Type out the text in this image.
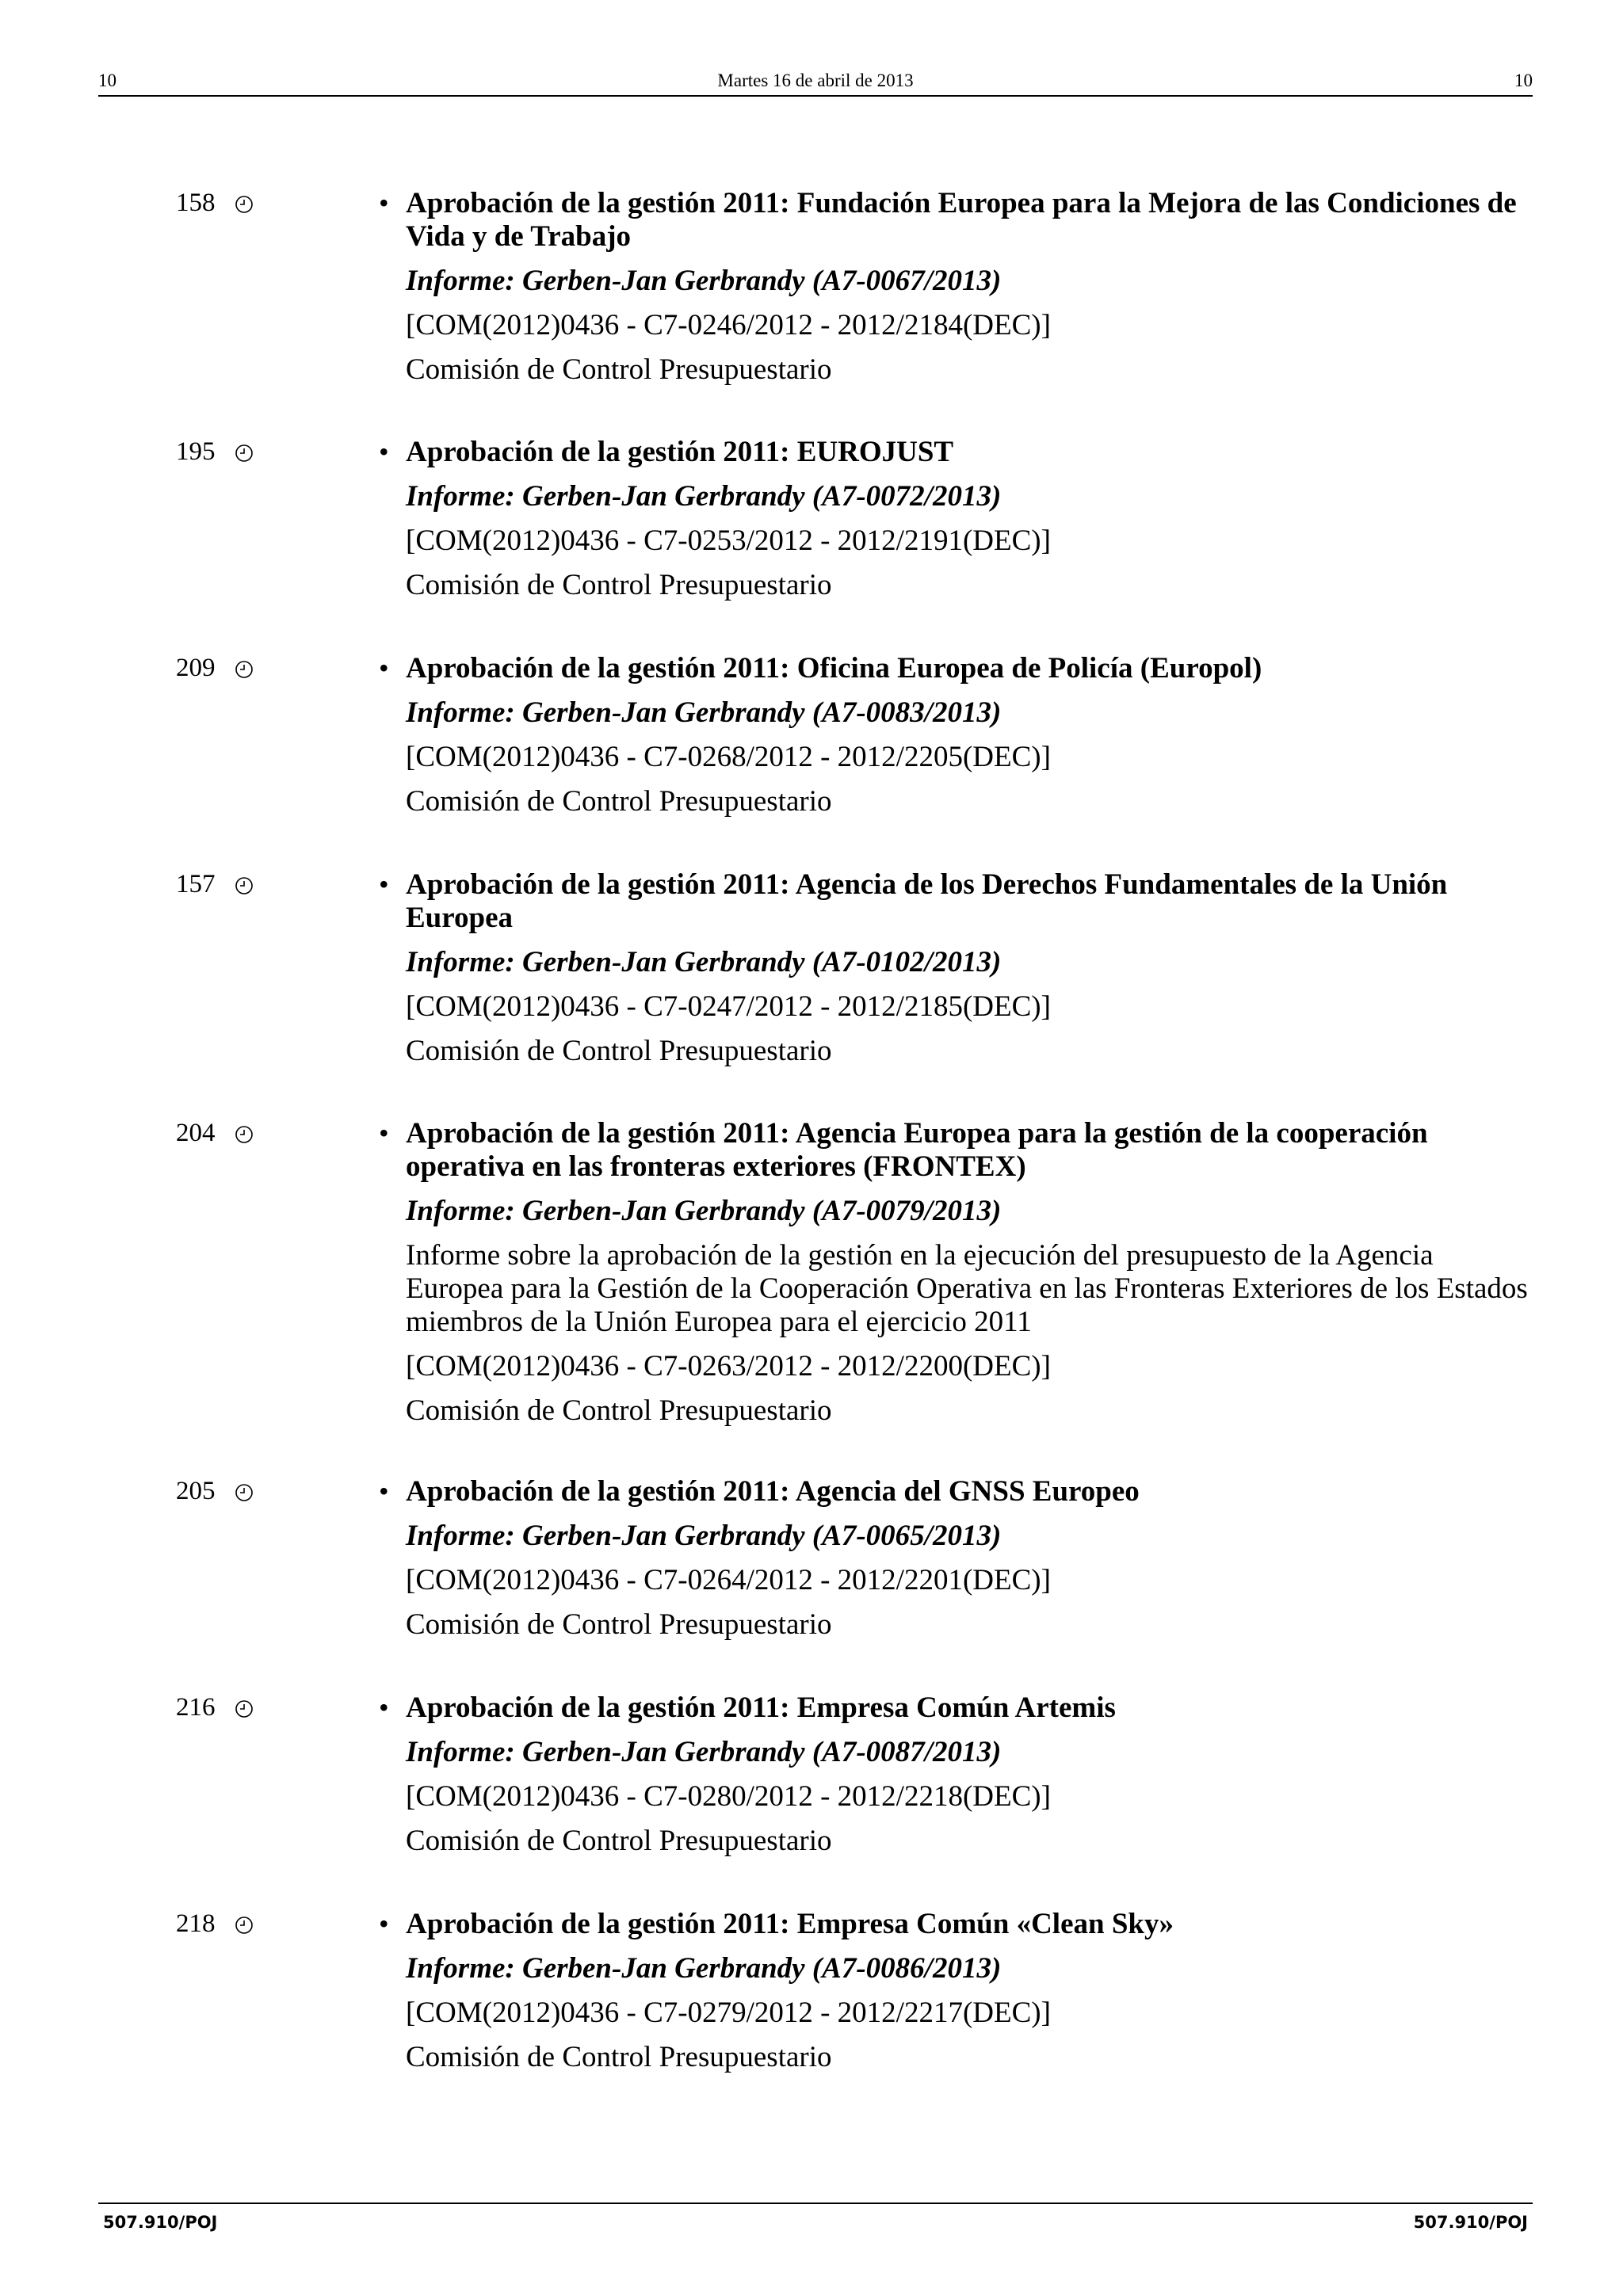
10	Martes 16 de abril de 2013	10
158	• Aprobación de la gestión 2011: Fundación Europea para la Mejora de las Condiciones de Vida y de Trabajo

Informe: Gerben-Jan Gerbrandy (A7-0067/2013)
[COM(2012)0436 - C7-0246/2012 - 2012/2184(DEC)]
Comisión de Control Presupuestario
195	• Aprobación de la gestión 2011: EUROJUST

Informe: Gerben-Jan Gerbrandy (A7-0072/2013)
[COM(2012)0436 - C7-0253/2012 - 2012/2191(DEC)]
Comisión de Control Presupuestario
209	• Aprobación de la gestión 2011: Oficina Europea de Policía (Europol)

Informe: Gerben-Jan Gerbrandy (A7-0083/2013)
[COM(2012)0436 - C7-0268/2012 - 2012/2205(DEC)]
Comisión de Control Presupuestario
157	• Aprobación de la gestión 2011: Agencia de los Derechos Fundamentales de la Unión Europea

Informe: Gerben-Jan Gerbrandy (A7-0102/2013)
[COM(2012)0436 - C7-0247/2012 - 2012/2185(DEC)]
Comisión de Control Presupuestario
204	• Aprobación de la gestión 2011: Agencia Europea para la gestión de la cooperación operativa en las fronteras exteriores (FRONTEX)

Informe: Gerben-Jan Gerbrandy (A7-0079/2013)
Informe sobre la aprobación de la gestión en la ejecución del presupuesto de la Agencia Europea para la Gestión de la Cooperación Operativa en las Fronteras Exteriores de los Estados miembros de la Unión Europea para el ejercicio 2011
[COM(2012)0436 - C7-0263/2012 - 2012/2200(DEC)]
Comisión de Control Presupuestario
205	• Aprobación de la gestión 2011: Agencia del GNSS Europeo

Informe: Gerben-Jan Gerbrandy (A7-0065/2013)
[COM(2012)0436 - C7-0264/2012 - 2012/2201(DEC)]
Comisión de Control Presupuestario
216	• Aprobación de la gestión 2011: Empresa Común Artemis

Informe: Gerben-Jan Gerbrandy (A7-0087/2013)
[COM(2012)0436 - C7-0280/2012 - 2012/2218(DEC)]
Comisión de Control Presupuestario
218	• Aprobación de la gestión 2011: Empresa Común «Clean Sky»

Informe: Gerben-Jan Gerbrandy (A7-0086/2013)
[COM(2012)0436 - C7-0279/2012 - 2012/2217(DEC)]
Comisión de Control Presupuestario
507.910/POJ	507.910/POJ
